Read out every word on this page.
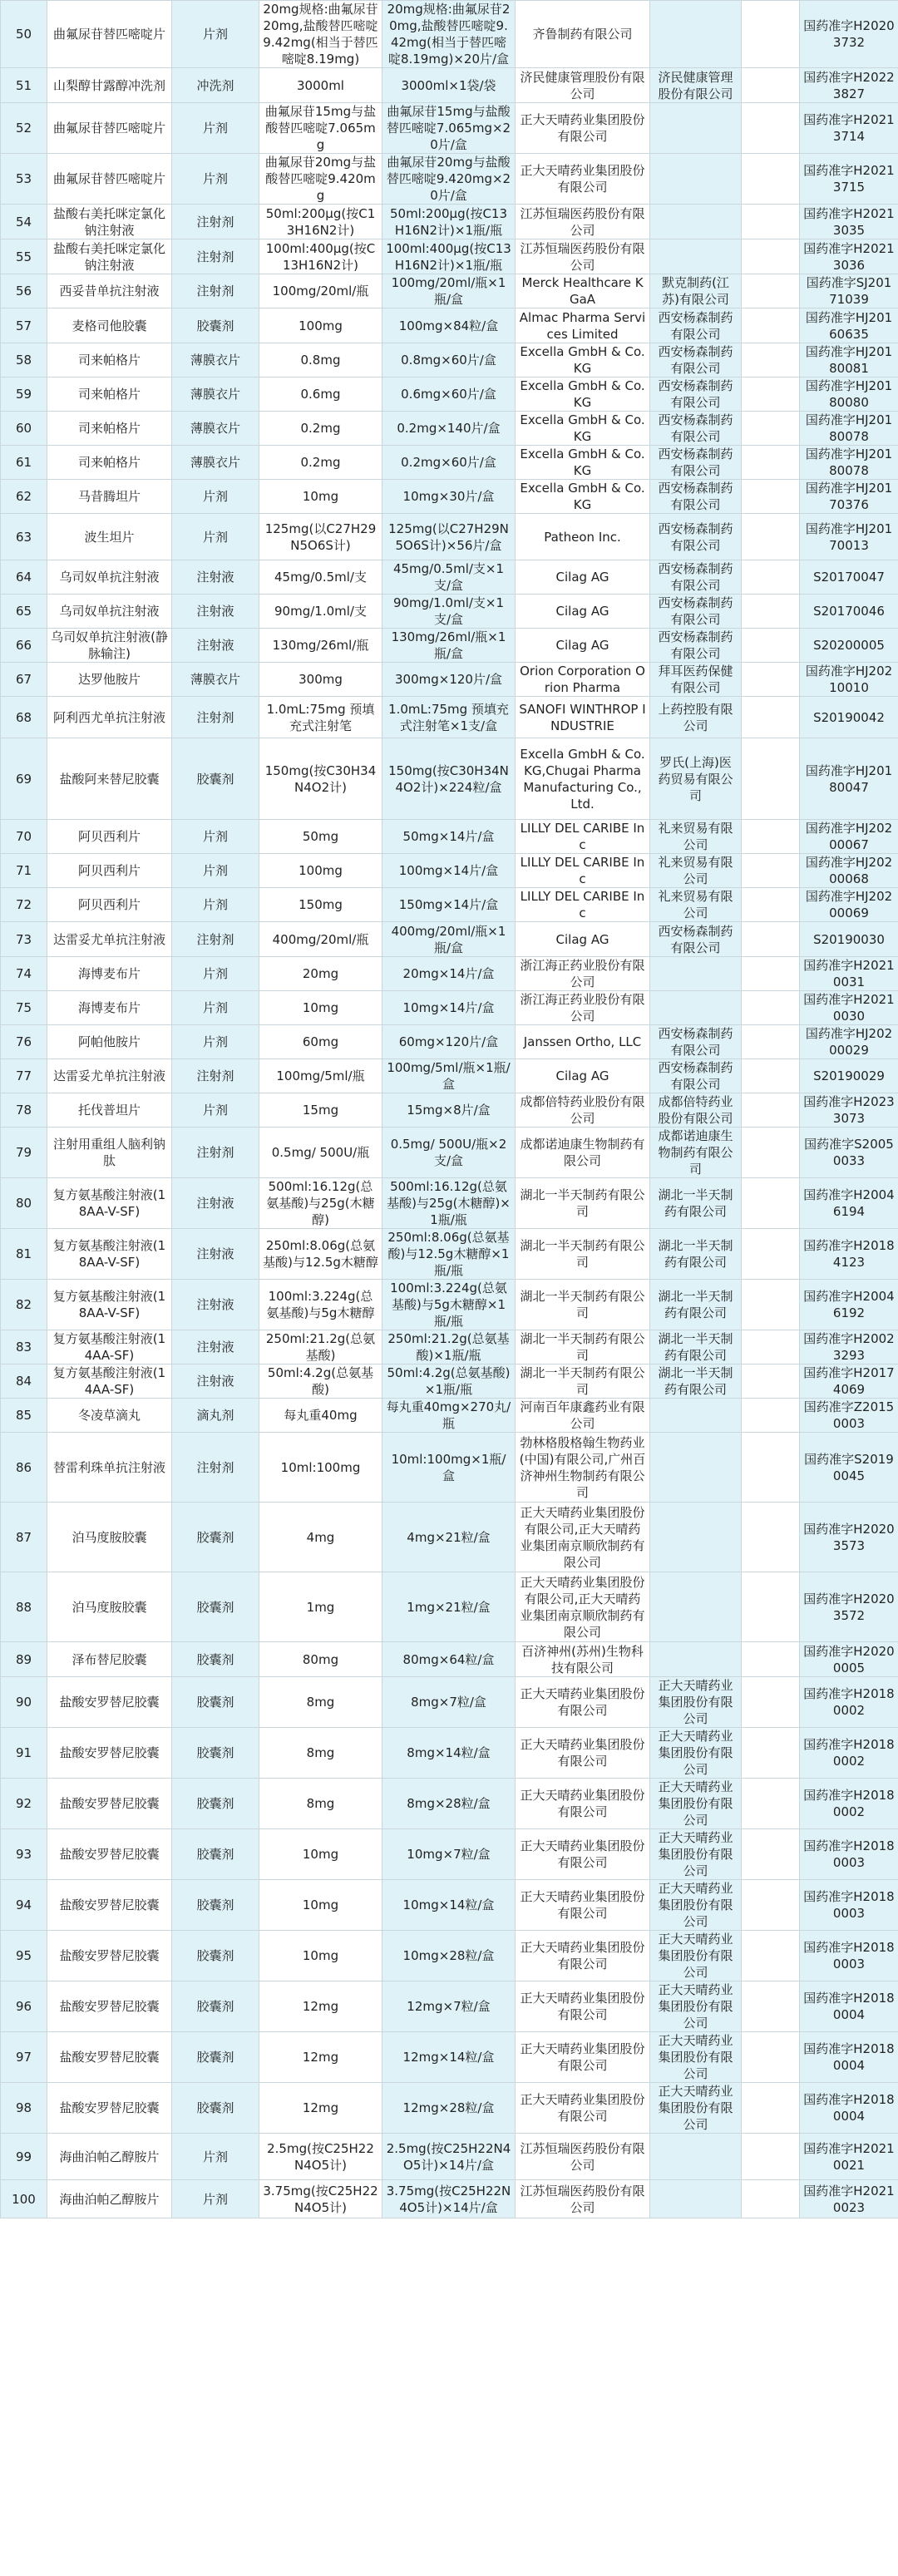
50	曲氟尿苷替匹嘧啶片	片剂	20mg规格:曲氟尿苷20mg,盐酸替匹嘧啶9.42mg(相当于替匹嘧啶8.19mg)	20mg规格:曲氟尿苷20mg,盐酸替匹嘧啶9.42mg(相当于替匹嘧啶8.19mg)×20片/盒	齐鲁制药有限公司			国药准字H20203732
51	山梨醇甘露醇冲洗剂	冲洗剂	3000ml	3000ml×1袋/袋	济民健康管理股份有限公司	济民健康管理股份有限公司		国药准字H20223827
52	曲氟尿苷替匹嘧啶片	片剂	曲氟尿苷15mg与盐酸替匹嘧啶7.065mg	曲氟尿苷15mg与盐酸替匹嘧啶7.065mg×20片/盒	正大天晴药业集团股份有限公司			国药准字H20213714
53	曲氟尿苷替匹嘧啶片	片剂	曲氟尿苷20mg与盐酸替匹嘧啶9.420mg	曲氟尿苷20mg与盐酸替匹嘧啶9.420mg×20片/盒	正大天晴药业集团股份有限公司			国药准字H20213715
54	盐酸右美托咪定氯化钠注射液	注射剂	50ml:200μg(按C13H16N2计)	50ml:200μg(按C13H16N2计)×1瓶/瓶	江苏恒瑞医药股份有限公司			国药准字H20213035
55	盐酸右美托咪定氯化钠注射液	注射剂	100ml:400μg(按C13H16N2计)	100ml:400μg(按C13H16N2计)×1瓶/瓶	江苏恒瑞医药股份有限公司			国药准字H20213036
56	西妥昔单抗注射液	注射剂	100mg/20ml/瓶	100mg/20ml/瓶×1瓶/盒	Merck Healthcare KGaA	默克制药(江苏)有限公司		国药准字SJ20171039
57	麦格司他胶囊	胶囊剂	100mg	100mg×84粒/盒	Almac Pharma Services Limited	西安杨森制药有限公司		国药准字HJ20160635
58	司来帕格片	薄膜衣片	0.8mg	0.8mg×60片/盒	Excella GmbH & Co. KG	西安杨森制药有限公司		国药准字HJ20180081
59	司来帕格片	薄膜衣片	0.6mg	0.6mg×60片/盒	Excella GmbH & Co. KG	西安杨森制药有限公司		国药准字HJ20180080
60	司来帕格片	薄膜衣片	0.2mg	0.2mg×140片/盒	Excella GmbH & Co. KG	西安杨森制药有限公司		国药准字HJ20180078
61	司来帕格片	薄膜衣片	0.2mg	0.2mg×60片/盒	Excella GmbH & Co. KG	西安杨森制药有限公司		国药准字HJ20180078
62	马昔腾坦片	片剂	10mg	10mg×30片/盒	Excella GmbH & Co. KG	西安杨森制药有限公司		国药准字HJ20170376
63	波生坦片	片剂	125mg(以C27H29N5O6S计)	125mg(以C27H29N5O6S计)×56片/盒	Patheon Inc.	西安杨森制药有限公司		国药准字HJ20170013
64	乌司奴单抗注射液	注射液	45mg/0.5ml/支	45mg/0.5ml/支×1支/盒	Cilag AG	西安杨森制药有限公司		S20170047
65	乌司奴单抗注射液	注射液	90mg/1.0ml/支	90mg/1.0ml/支×1支/盒	Cilag AG	西安杨森制药有限公司		S20170046
66	乌司奴单抗注射液(静脉输注)	注射液	130mg/26ml/瓶	130mg/26ml/瓶×1瓶/盒	Cilag AG	西安杨森制药有限公司		S20200005
67	达罗他胺片	薄膜衣片	300mg	300mg×120片/盒	Orion Corporation Orion Pharma	拜耳医药保健有限公司		国药准字HJ20210010
68	阿利西尤单抗注射液	注射剂	1.0mL:75mg 预填充式注射笔	1.0mL:75mg 预填充式注射笔×1支/盒	SANOFI WINTHROP INDUSTRIE	上药控股有限公司		S20190042
69	盐酸阿来替尼胶囊	胶囊剂	150mg(按C30H34N4O2计)	150mg(按C30H34N4O2计)×224粒/盒	Excella GmbH & Co. KG,Chugai Pharma Manufacturing Co., Ltd.	罗氏(上海)医药贸易有限公司		国药准字HJ20180047
70	阿贝西利片	片剂	50mg	50mg×14片/盒	LILLY DEL CARIBE Inc	礼来贸易有限公司		国药准字HJ20200067
71	阿贝西利片	片剂	100mg	100mg×14片/盒	LILLY DEL CARIBE Inc	礼来贸易有限公司		国药准字HJ20200068
72	阿贝西利片	片剂	150mg	150mg×14片/盒	LILLY DEL CARIBE Inc	礼来贸易有限公司		国药准字HJ20200069
73	达雷妥尤单抗注射液	注射剂	400mg/20ml/瓶	400mg/20ml/瓶×1瓶/盒	Cilag AG	西安杨森制药有限公司		S20190030
74	海博麦布片	片剂	20mg	20mg×14片/盒	浙江海正药业股份有限公司			国药准字H20210031
75	海博麦布片	片剂	10mg	10mg×14片/盒	浙江海正药业股份有限公司			国药准字H20210030
76	阿帕他胺片	片剂	60mg	60mg×120片/盒	Janssen Ortho, LLC	西安杨森制药有限公司		国药准字HJ20200029
77	达雷妥尤单抗注射液	注射剂	100mg/5ml/瓶	100mg/5ml/瓶×1瓶/盒	Cilag AG	西安杨森制药有限公司		S20190029
78	托伐普坦片	片剂	15mg	15mg×8片/盒	成都倍特药业股份有限公司	成都倍特药业股份有限公司		国药准字H20233073
79	注射用重组人脑利钠肽	注射剂	0.5mg/ 500U/瓶	0.5mg/ 500U/瓶×2支/盒	成都诺迪康生物制药有限公司	成都诺迪康生物制药有限公司		国药准字S20050033
80	复方氨基酸注射液(18AA-V-SF)	注射液	500ml:16.12g(总氨基酸)与25g(木糖醇)	500ml:16.12g(总氨基酸)与25g(木糖醇)×1瓶/瓶	湖北一半天制药有限公司	湖北一半天制药有限公司		国药准字H20046194
81	复方氨基酸注射液(18AA-V-SF)	注射液	250ml:8.06g(总氨基酸)与12.5g木糖醇	250ml:8.06g(总氨基酸)与12.5g木糖醇×1瓶/瓶	湖北一半天制药有限公司	湖北一半天制药有限公司		国药准字H20184123
82	复方氨基酸注射液(18AA-V-SF)	注射液	100ml:3.224g(总氨基酸)与5g木糖醇	100ml:3.224g(总氨基酸)与5g木糖醇×1瓶/瓶	湖北一半天制药有限公司	湖北一半天制药有限公司		国药准字H20046192
83	复方氨基酸注射液(14AA-SF)	注射液	250ml:21.2g(总氨基酸)	250ml:21.2g(总氨基酸)×1瓶/瓶	湖北一半天制药有限公司	湖北一半天制药有限公司		国药准字H20023293
84	复方氨基酸注射液(14AA-SF)	注射液	50ml:4.2g(总氨基酸)	50ml:4.2g(总氨基酸)×1瓶/瓶	湖北一半天制药有限公司	湖北一半天制药有限公司		国药准字H20174069
85	冬凌草滴丸	滴丸剂	每丸重40mg	每丸重40mg×270丸/瓶	河南百年康鑫药业有限公司			国药准字Z20150003
86	替雷利珠单抗注射液	注射剂	10ml:100mg	10ml:100mg×1瓶/盒	勃林格殷格翰生物药业(中国)有限公司,广州百济神州生物制药有限公司			国药准字S20190045
87	泊马度胺胶囊	胶囊剂	4mg	4mg×21粒/盒	正大天晴药业集团股份有限公司,正大天晴药业集团南京顺欣制药有限公司			国药准字H20203573
88	泊马度胺胶囊	胶囊剂	1mg	1mg×21粒/盒	正大天晴药业集团股份有限公司,正大天晴药业集团南京顺欣制药有限公司			国药准字H20203572
89	泽布替尼胶囊	胶囊剂	80mg	80mg×64粒/盒	百济神州(苏州)生物科技有限公司			国药准字H20200005
90	盐酸安罗替尼胶囊	胶囊剂	8mg	8mg×7粒/盒	正大天晴药业集团股份有限公司	正大天晴药业集团股份有限公司		国药准字H20180002
91	盐酸安罗替尼胶囊	胶囊剂	8mg	8mg×14粒/盒	正大天晴药业集团股份有限公司	正大天晴药业集团股份有限公司		国药准字H20180002
92	盐酸安罗替尼胶囊	胶囊剂	8mg	8mg×28粒/盒	正大天晴药业集团股份有限公司	正大天晴药业集团股份有限公司		国药准字H20180002
93	盐酸安罗替尼胶囊	胶囊剂	10mg	10mg×7粒/盒	正大天晴药业集团股份有限公司	正大天晴药业集团股份有限公司		国药准字H20180003
94	盐酸安罗替尼胶囊	胶囊剂	10mg	10mg×14粒/盒	正大天晴药业集团股份有限公司	正大天晴药业集团股份有限公司		国药准字H20180003
95	盐酸安罗替尼胶囊	胶囊剂	10mg	10mg×28粒/盒	正大天晴药业集团股份有限公司	正大天晴药业集团股份有限公司		国药准字H20180003
96	盐酸安罗替尼胶囊	胶囊剂	12mg	12mg×7粒/盒	正大天晴药业集团股份有限公司	正大天晴药业集团股份有限公司		国药准字H20180004
97	盐酸安罗替尼胶囊	胶囊剂	12mg	12mg×14粒/盒	正大天晴药业集团股份有限公司	正大天晴药业集团股份有限公司		国药准字H20180004
98	盐酸安罗替尼胶囊	胶囊剂	12mg	12mg×28粒/盒	正大天晴药业集团股份有限公司	正大天晴药业集团股份有限公司		国药准字H20180004
99	海曲泊帕乙醇胺片	片剂	2.5mg(按C25H22N4O5计)	2.5mg(按C25H22N4O5计)×14片/盒	江苏恒瑞医药股份有限公司			国药准字H20210021
100	海曲泊帕乙醇胺片	片剂	3.75mg(按C25H22N4O5计)	3.75mg(按C25H22N4O5计)×14片/盒	江苏恒瑞医药股份有限公司			国药准字H20210023
